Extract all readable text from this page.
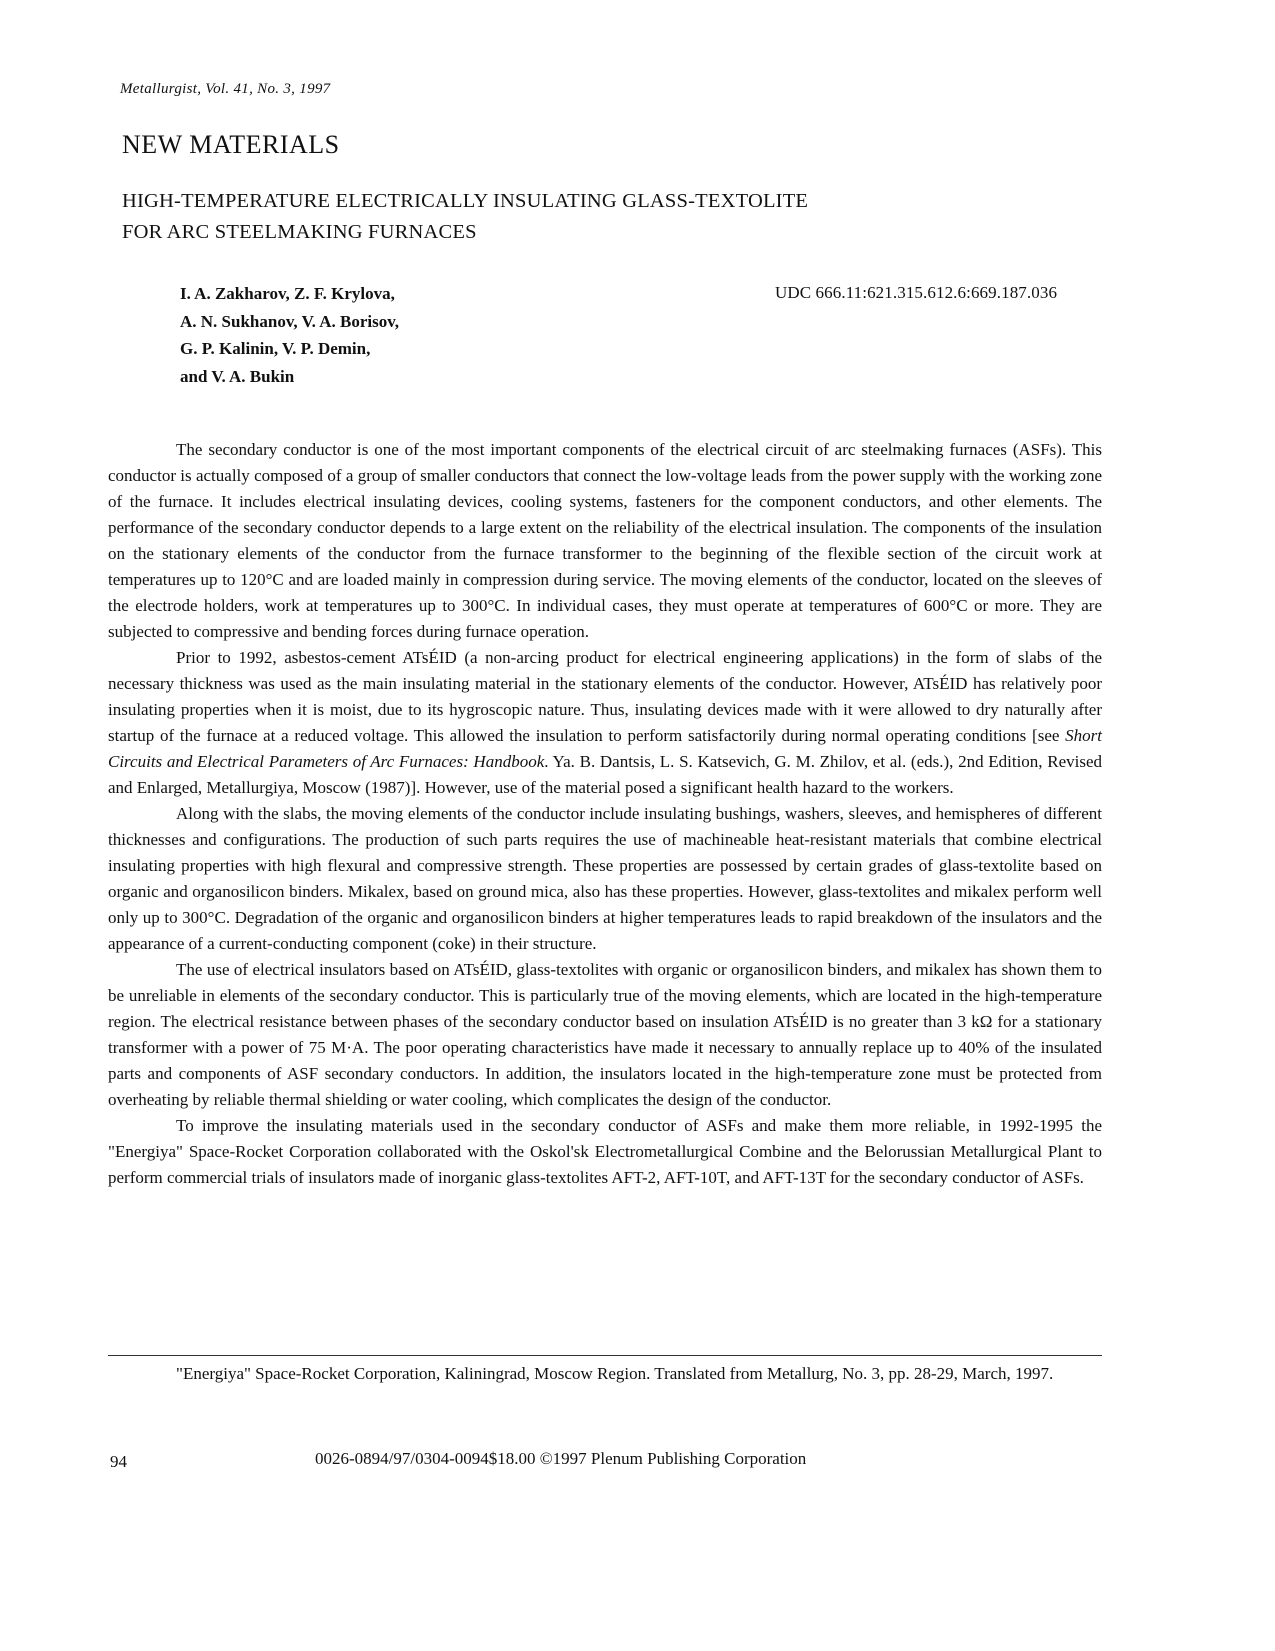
Metallurgist, Vol. 41, No. 3, 1997
NEW MATERIALS
HIGH-TEMPERATURE ELECTRICALLY INSULATING GLASS-TEXTOLITE
FOR ARC STEELMAKING FURNACES
I. A. Zakharov, Z. F. Krylova,
A. N. Sukhanov, V. A. Borisov,
G. P. Kalinin, V. P. Demin,
and V. A. Bukin
UDC 666.11:621.315.612.6:669.187.036

The secondary conductor is one of the most important components of the electrical circuit of arc steelmaking furnaces (ASFs). This conductor is actually composed of a group of smaller conductors that connect the low-voltage leads from the power supply with the working zone of the furnace. It includes electrical insulating devices, cooling systems, fasteners for the component conductors, and other elements. The performance of the secondary conductor depends to a large extent on the reliability of the electrical insulation. The components of the insulation on the stationary elements of the conductor from the furnace transformer to the beginning of the flexible section of the circuit work at temperatures up to 120°C and are loaded mainly in compression during service. The moving elements of the conductor, located on the sleeves of the electrode holders, work at temperatures up to 300°C. In individual cases, they must operate at temperatures of 600°C or more. They are subjected to compressive and bending forces during furnace operation.

Prior to 1992, asbestos-cement ATsÉID (a non-arcing product for electrical engineering applications) in the form of slabs of the necessary thickness was used as the main insulating material in the stationary elements of the conductor. However, ATsÉID has relatively poor insulating properties when it is moist, due to its hygroscopic nature. Thus, insulating devices made with it were allowed to dry naturally after startup of the furnace at a reduced voltage. This allowed the insulation to perform satisfactorily during normal operating conditions [see Short Circuits and Electrical Parameters of Arc Furnaces: Handbook. Ya. B. Dantsis, L. S. Katsevich, G. M. Zhilov, et al. (eds.), 2nd Edition, Revised and Enlarged, Metallurgiya, Moscow (1987)]. However, use of the material posed a significant health hazard to the workers.

Along with the slabs, the moving elements of the conductor include insulating bushings, washers, sleeves, and hemispheres of different thicknesses and configurations. The production of such parts requires the use of machineable heat-resistant materials that combine electrical insulating properties with high flexural and compressive strength. These properties are possessed by certain grades of glass-textolite based on organic and organosilicon binders. Mikalex, based on ground mica, also has these properties. However, glass-textolites and mikalex perform well only up to 300°C. Degradation of the organic and organosilicon binders at higher temperatures leads to rapid breakdown of the insulators and the appearance of a current-conducting component (coke) in their structure.

The use of electrical insulators based on ATsÉID, glass-textolites with organic or organosilicon binders, and mikalex has shown them to be unreliable in elements of the secondary conductor. This is particularly true of the moving elements, which are located in the high-temperature region. The electrical resistance between phases of the secondary conductor based on insulation ATsÉID is no greater than 3 kΩ for a stationary transformer with a power of 75 M·A. The poor operating characteristics have made it necessary to annually replace up to 40% of the insulated parts and components of ASF secondary conductors. In addition, the insulators located in the high-temperature zone must be protected from overheating by reliable thermal shielding or water cooling, which complicates the design of the conductor.

To improve the insulating materials used in the secondary conductor of ASFs and make them more reliable, in 1992-1995 the "Energiya" Space-Rocket Corporation collaborated with the Oskol'sk Electrometallurgical Combine and the Belorussian Metallurgical Plant to perform commercial trials of insulators made of inorganic glass-textolites AFT-2, AFT-10T, and AFT-13T for the secondary conductor of ASFs.

"Energiya" Space-Rocket Corporation, Kaliningrad, Moscow Region. Translated from Metallurg, No. 3, pp. 28-29, March, 1997.
94	0026-0894/97/0304-0094$18.00 ©1997 Plenum Publishing Corporation
